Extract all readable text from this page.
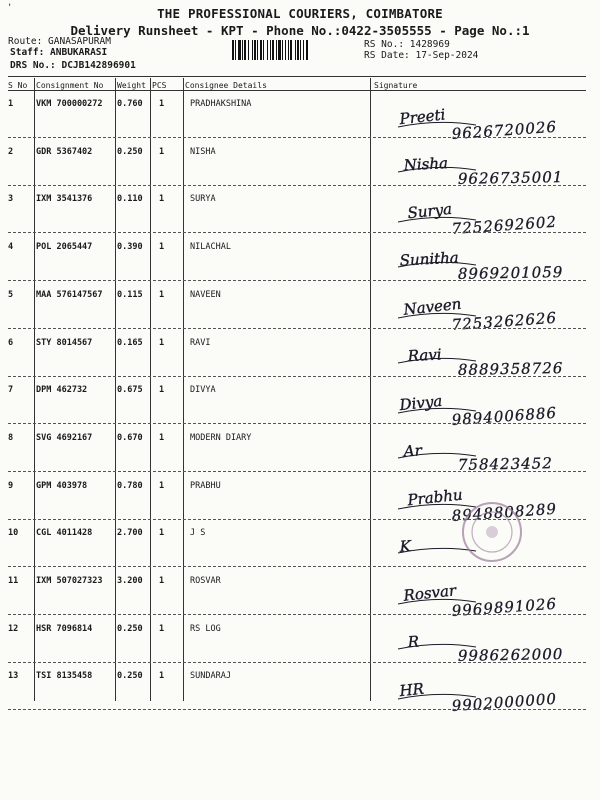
'	THE PROFESSIONAL COURIERS, COIMBATORE
Delivery Runsheet - KPT - Phone No.:0422-3505555 - Page No.:1
Route: GANASAPURAM
Staff: ANBUKARASI
DRS No.: DCJB142896901
RS No.: 1428969
RS Date: 17-Sep-2024
S No Consignment No Weight PCS Consignee Details	Signature
1	VKM 700000272 0.760 1	PRADHAKSHINA
Preeti
9626720026
2	GDR 5367402	0.250 1	NISHA
Nisha
9626735001
3	IXM 3541376	0.110 1	SURYA
Surya
7252692602
4	POL 2065447	0.390 1	NILACHAL
Sunitha
8969201059
5	MAA 576147567 0.115 1	NAVEEN	Naveen
7253262626
6	STY 8014567	0.165 1	RAVI
Ravi
8889358726
7	DPM 462732	0.675 1	DIVYA
Divya
9894006886
8	SVG 4692167	0.670 1	MODERN DIARY
Ar
758423452
9	GPM 403978	0.780 1	PRABHU	Prabhu
8948808289
10 CGL 4011428	2.700 1	J S
K
11 IXM 507027323 3.200 1	ROSVAR
Rosvar
9969891026
12 HSR 7096814	0.250 1	RS LOG
R
9986262000
13 TSI 8135458	0.250 1	SUNDARAJ
HR 9902000000
